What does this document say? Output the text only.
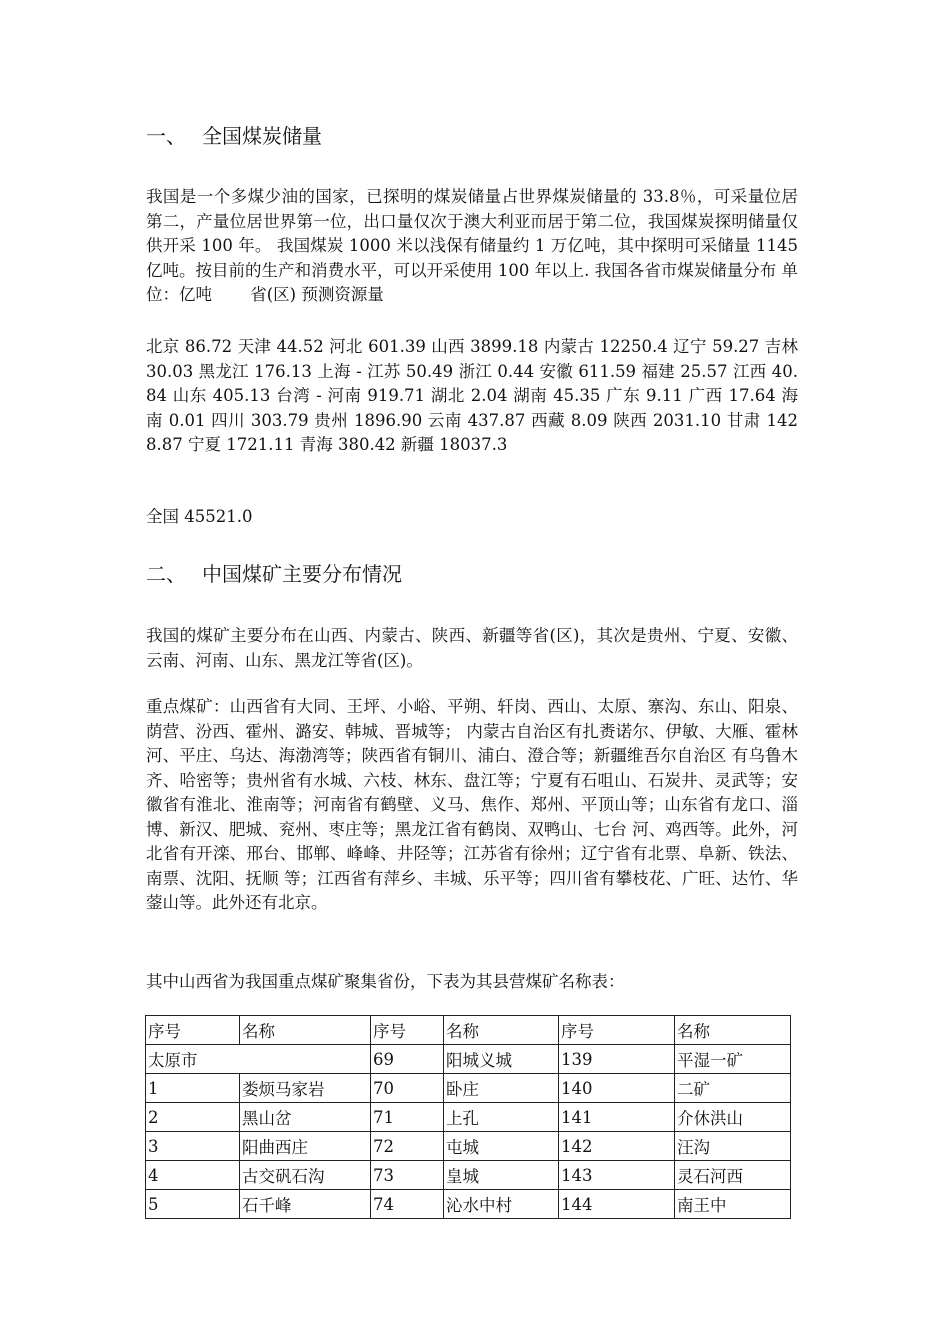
一、 全国煤炭储量
我国是一个多煤少油的国家，已探明的煤炭储量占世界煤炭储量的 33.8％，可采量位居第二，产量位居世界第一位，出口量仅次于澳大利亚而居于第二位，我国煤炭探明储量仅供开采 100 年。 我国煤炭 1000 米以浅保有储量约 1 万亿吨，其中探明可采储量 1145 亿吨。按目前的生产和消费水平，可以开采使用 100 年以上. 我国各省市煤炭储量分布 单位：亿吨 　　省(区) 预测资源量
北京 86.72 天津 44.52 河北 601.39 山西 3899.18 内蒙古 12250.4 辽宁 59.27 吉林 30.03 黑龙江 176.13 上海 - 江苏 50.49 浙江 0.44 安徽 611.59 福建 25.57 江西 40.84 山东 405.13 台湾 - 河南 919.71 湖北 2.04 湖南 45.35 广东 9.11 广西 17.64 海南 0.01 四川 303.79 贵州 1896.90 云南 437.87 西藏 8.09 陕西 2031.10 甘肃 1428.87 宁夏 1721.11 青海 380.42 新疆 18037.3
全国 45521.0
二、 中国煤矿主要分布情况
我国的煤矿主要分布在山西、内蒙古、陕西、新疆等省(区)，其次是贵州、宁夏、安徽、云南、河南、山东、黑龙江等省(区)。
重点煤矿：山西省有大同、王坪、小峪、平朔、轩岗、西山、太原、寨沟、东山、阳泉、荫营、汾西、霍州、潞安、韩城、晋城等； 内蒙古自治区有扎赉诺尔、伊敏、大雁、霍林河、平庄、乌达、海渤湾等；陕西省有铜川、浦白、澄合等；新疆维吾尔自治区 有乌鲁木齐、哈密等；贵州省有水城、六枝、林东、盘江等；宁夏有石咀山、石炭井、灵武等；安徽省有淮北、淮南等；河南省有鹤壁、义马、焦作、郑州、平顶山等；山东省有龙口、淄博、新汉、肥城、兖州、枣庄等；黑龙江省有鹤岗、双鸭山、七台 河、鸡西等。此外，河北省有开滦、邢台、邯郸、峰峰、井陉等；江苏省有徐州；辽宁省有北票、阜新、铁法、南票、沈阳、抚顺 等；江西省有萍乡、丰城、乐平等；四川省有攀枝花、广旺、达竹、华蓥山等。此外还有北京。
其中山西省为我国重点煤矿聚集省份，下表为其县营煤矿名称表：
序号	名称	序号	名称	序号	名称
太原市		69	阳城义城	139	平湿一矿
1	娄烦马家岩	70	卧庄	140	二矿
2	黑山岔	71	上孔	141	介休洪山
3	阳曲西庄	72	屯城	142	汪沟
4	古交矾石沟	73	皇城	143	灵石河西
5	石千峰	74	沁水中村	144	南王中
